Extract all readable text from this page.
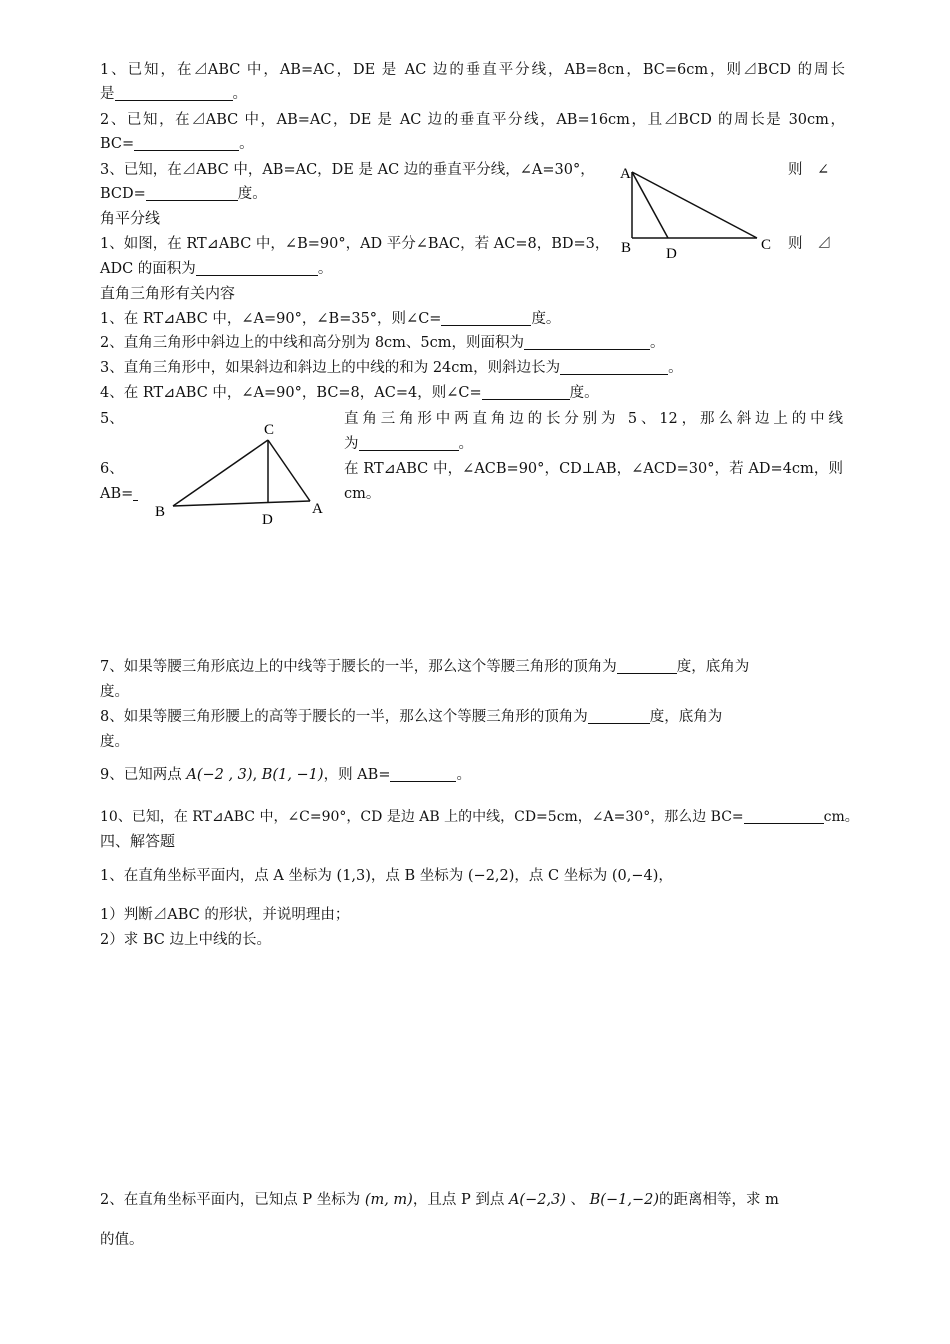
1、已知，在⊿ABC 中，AB=AC，DE 是 AC 边的垂直平分线，AB=8cn，BC=6cm，则⊿BCD 的周长
是	。
2、已知，在⊿ABC 中，AB=AC，DE 是 AC 边的垂直平分线，AB=16cm，且⊿BCD 的周长是 30cm，
BC=	。
3、已知，在⊿ABC 中，AB=AC，DE 是 AC 边的垂直平分线，∠A=30°，	则　∠
BCD=	度。
A
B	C
D
角平分线
1、如图，在 RT⊿ABC 中，∠B=90°，AD 平分∠BAC，若 AC=8，BD=3，	则　⊿
ADC 的面积为	。
直角三角形有关内容
1、在 RT⊿ABC 中，∠A=90°，∠B=35°，则∠C=	度。
2、直角三角形中斜边上的中线和高分别为 8cm、5cm，则面积为	。
3、直角三角形中，如果斜边和斜边上的中线的和为 24cm，则斜边长为	。
4、在 RT⊿ABC 中，∠A=90°，BC=8，AC=4，则∠C=	度。
5、	直角三角形中两直角边的长分别为 5、12，那么斜边上的中线
为	。
6、	在 RT⊿ABC 中，∠ACB=90°，CD⊥AB，∠ACD=30°，若 AD=4cm，则
AB=	cm。
C
B	A
D
7、如果等腰三角形底边上的中线等于腰长的一半，那么这个等腰三角形的顶角为	度，底角为
度。
8、如果等腰三角形腰上的高等于腰长的一半，那么这个等腰三角形的顶角为	度，底角为
度。
9、已知两点 A(−2 , 3), B(1, −1)，则 AB=	。
10、已知，在 RT⊿ABC 中，∠C=90°，CD 是边 AB 上的中线，CD=5cm，∠A=30°，那么边 BC=	cm。
四、解答题
1、在直角坐标平面内，点 A 坐标为 (1,3)，点 B 坐标为 (−2,2)，点 C 坐标为 (0,−4)，
1）判断⊿ABC 的形状，并说明理由；
2）求 BC 边上中线的长。
2、在直角坐标平面内，已知点 P 坐标为 (m, m)，且点 P 到点 A(−2,3) 、 B(−1,−2)的距离相等，求 m
的值。
